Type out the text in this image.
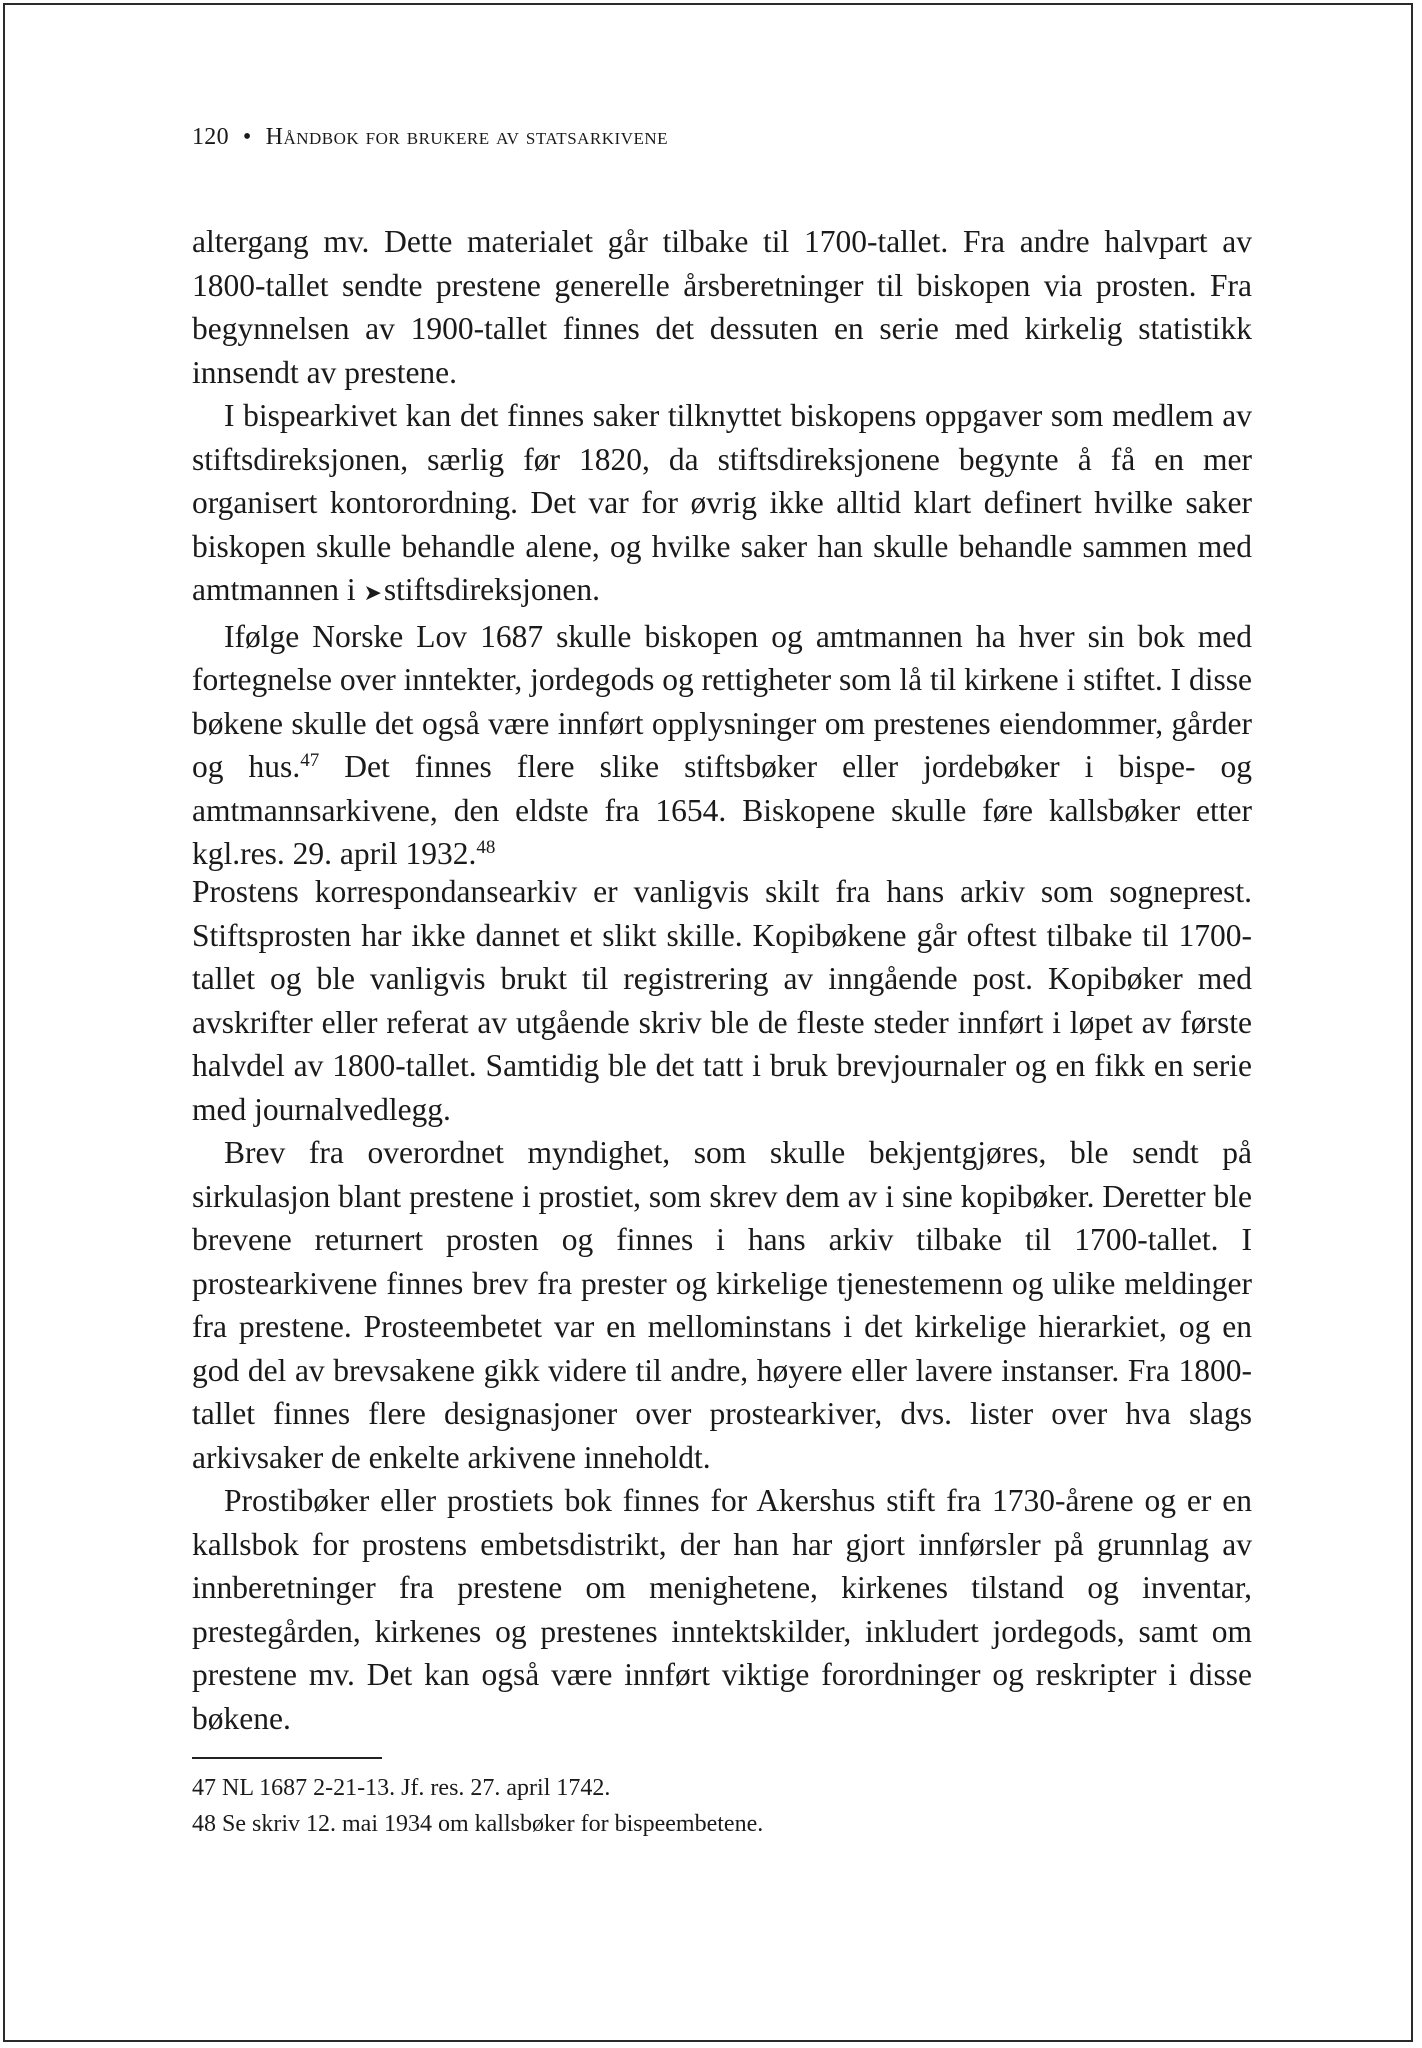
120 • Håndbok for brukere av statsarkivene

altergang mv. Dette materialet går tilbake til 1700-tallet. Fra andre halvpart av 1800-tallet sendte prestene generelle årsberetninger til biskopen via prosten. Fra begynnelsen av 1900-tallet finnes det dessuten en serie med kirkelig statistikk innsendt av prestene.

I bispearkivet kan det finnes saker tilknyttet biskopens oppgaver som medlem av stiftsdireksjonen, særlig før 1820, da stiftsdireksjonene begynte å få en mer organisert kontorordning. Det var for øvrig ikke alltid klart definert hvilke saker biskopen skulle behandle alene, og hvilke saker han skulle behandle sammen med amtmannen i ➤stiftsdireksjonen.

Ifølge Norske Lov 1687 skulle biskopen og amtmannen ha hver sin bok med fortegnelse over inntekter, jordegods og rettigheter som lå til kirkene i stiftet. I disse bøkene skulle det også være innført opplysninger om prestenes eiendommer, gårder og hus.$^{47}$ Det finnes flere slike stiftsbøker eller jordebøker i bispe- og amtmannsarkivene, den eldste fra 1654. Biskopene skulle føre kallsbøker etter kgl.res. 29. april 1932.48

Prostens korrespondansearkiv er vanligvis skilt fra hans arkiv som sogneprest. Stiftsprosten har ikke dannet et slikt skille. Kopibøkene går oftest tilbake til 1700-tallet og ble vanligvis brukt til registrering av inngående post. Kopibøker med avskrifter eller referat av utgående skriv ble de fleste steder innført i løpet av første halvdel av 1800-tallet. Samtidig ble det tatt i bruk brevjournaler og en fikk en serie med journalvedlegg.

Brev fra overordnet myndighet, som skulle bekjentgjøres, ble sendt på sirkulasjon blant prestene i prostiet, som skrev dem av i sine kopibøker. Deretter ble brevene returnert prosten og finnes i hans arkiv tilbake til 1700-tallet. I prostearkivene finnes brev fra prester og kirkelige tjenestemenn og ulike meldinger fra prestene. Prosteembetet var en mellominstans i det kirkelige hierarkiet, og en god del av brevsakene gikk videre til andre, høyere eller lavere instanser. Fra 1800-tallet finnes flere designasjoner over prostearkiver, dvs. lister over hva slags arkivsaker de enkelte arkivene inneholdt.

Prostibøker eller prostiets bok finnes for Akershus stift fra 1730-årene og er en kallsbok for prostens embetsdistrikt, der han har gjort innførsler på grunnlag av innberetninger fra prestene om menighetene, kirkenes tilstand og inventar, prestegården, kirkenes og prestenes inntektskilder, inkludert jordegods, samt om prestene mv. Det kan også være innført viktige forordninger og reskripter i disse bøkene.

47 NL 1687 2-21-13. Jf. res. 27. april 1742.
48 Se skriv 12. mai 1934 om kallsbøker for bispeembetene.
